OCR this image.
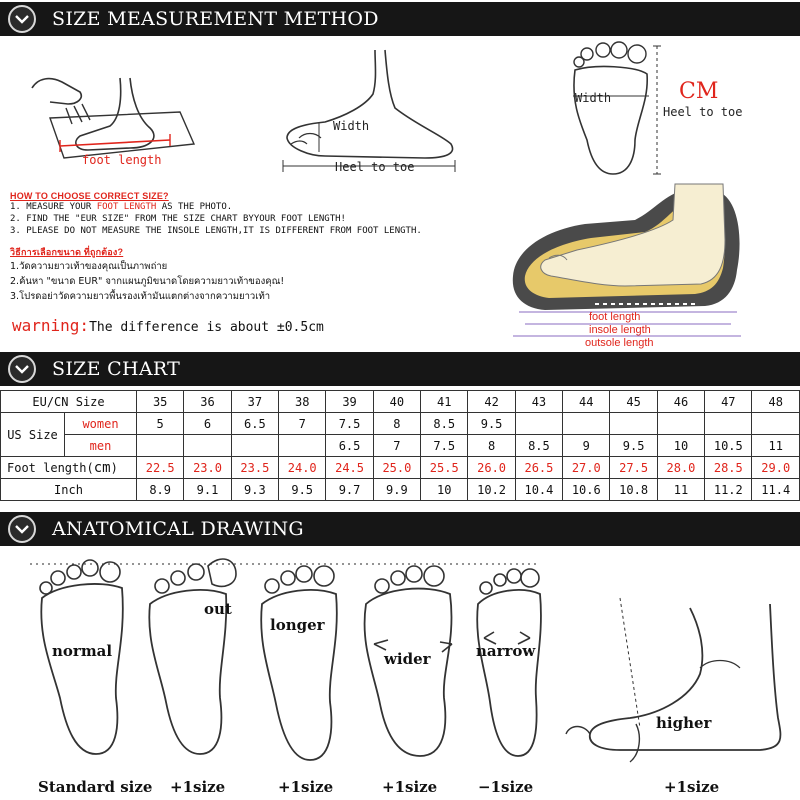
SIZE MEASUREMENT METHOD
foot length
Width
Heel to toe
Width	CM
Heel to toe
HOW TO CHOOSE CORRECT SIZE?
1. MEASURE YOUR FOOT LENGTH AS THE PHOTO.
2. FIND THE "EUR SIZE" FROM THE SIZE CHART BYYOUR FOOT LENGTH!
3. PLEASE DO NOT MEASURE THE INSOLE LENGTH,IT IS DIFFERENT FROM FOOT LENGTH.
วิธีการเลือกขนาด ที่ถูกต้อง?
1.วัดความยาวเท้าของคุณเป็นภาพถ่าย
2.ค้นหา "ขนาด EUR" จากแผนภูมิขนาดโดยความยาวเท้าของคุณ!
3.โปรดอย่าวัดความยาวพื้นรองเท้ามันแตกต่างจากความยาวเท้า
warning:The difference is about ±0.5cm
foot length
insole length
outsole length
SIZE CHART
EU/CN Size		35	36	37	38	39	40	41	42	43	44	45	46	47	48
US Size	women	5	6	6.5	7	7.5	8	8.5	9.5						
	men					6.5	7	7.5	8	8.5	9	9.5	10	10.5	11
Foot length(cm)		22.5	23.0	23.5	24.0	24.5	25.0	25.5	26.0	26.5	27.0	27.5	28.0	28.5	29.0
Inch		8.9	9.1	9.3	9.5	9.7	9.9	10	10.2	10.4	10.6	10.8	11	11.2	11.4
ANATOMICAL DRAWING
normal
out
longer
wider	narrow
higher
Standard size +1size	+1size	+1size	−1size	+1size
